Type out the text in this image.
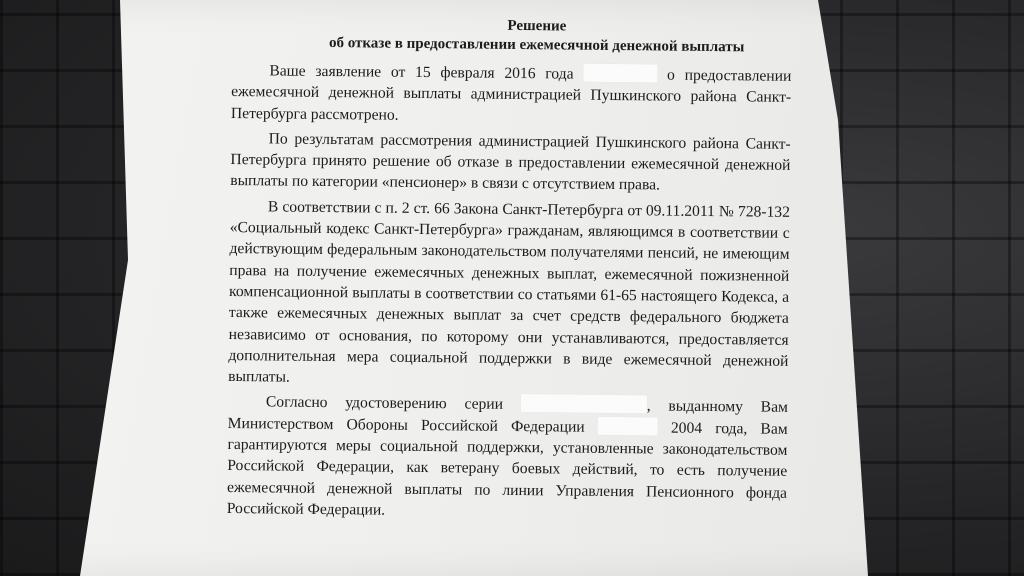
Решение
об отказе в предоставлении ежемесячной денежной выплаты

Ваше заявление от 15 февраля 2016 года	о предоставлении ежемесячной денежной выплаты администрацией Пушкинского района Санкт-Петербурга рассмотрено.

По результатам рассмотрения администрацией Пушкинского района Санкт-Петербурга принято решение об отказе в предоставлении ежемесячной денежной выплаты по категории «пенсионер» в связи с отсутствием права.

В соответствии с п. 2 ст. 66 Закона Санкт-Петербурга от 09.11.2011 № 728-132 «Социальный кодекс Санкт-Петербурга» гражданам, являющимся в соответствии с действующим федеральным законодательством получателями пенсий, не имеющим права на получение ежемесячных денежных выплат, ежемесячной пожизненной компенсационной выплаты в соответствии со статьями 61-65 настоящего Кодекса, а также ежемесячных денежных выплат за счет средств федерального бюджета независимо от основания, по которому они устанавливаются, предоставляется дополнительная мера социальной поддержки в виде ежемесячной денежной выплаты.

Согласно удостоверению серии	, выданному Вам Министерством Обороны Российской Федерации	2004 года, Вам гарантируются меры социальной поддержки, установленные законодательством Российской Федерации, как ветерану боевых действий, то есть получение ежемесячной денежной выплаты по линии Управления Пенсионного фонда Российской Федерации.
